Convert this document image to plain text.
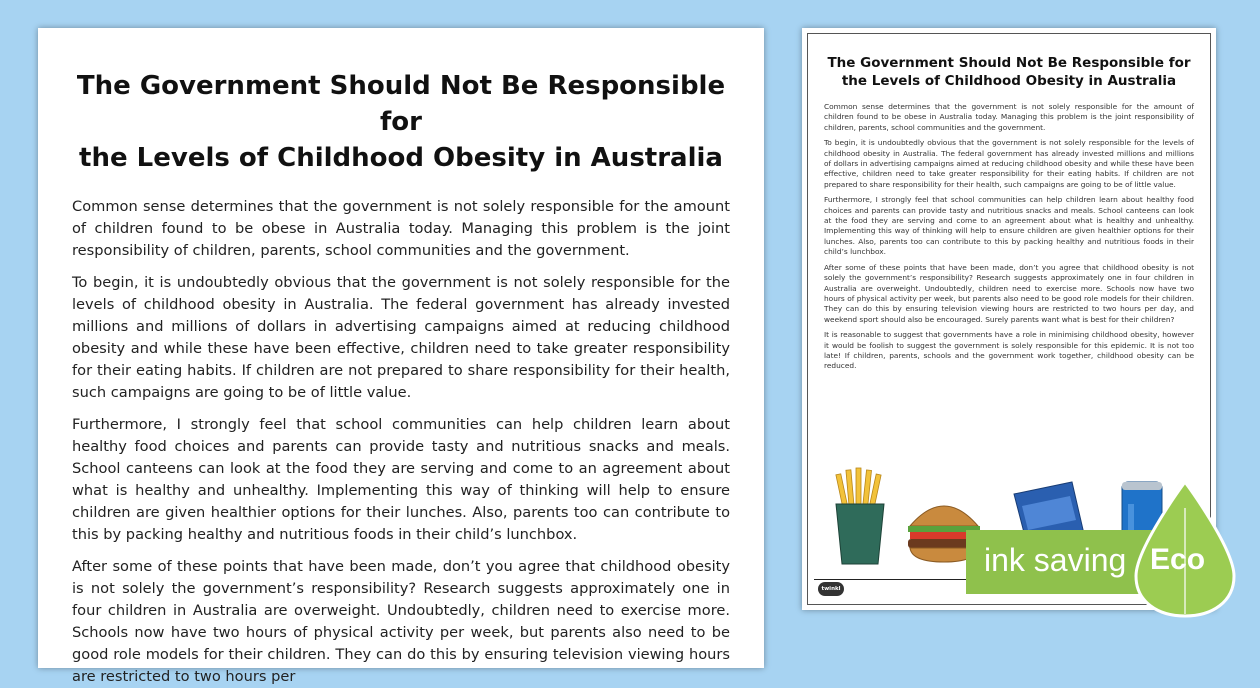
The Government Should Not Be Responsible for
the Levels of Childhood Obesity in Australia

Common sense determines that the government is not solely responsible for the amount of children found to be obese in Australia today. Managing this problem is the joint responsibility of children, parents, school communities and the government.

To begin, it is undoubtedly obvious that the government is not solely responsible for the levels of childhood obesity in Australia. The federal government has already invested millions and millions of dollars in advertising campaigns aimed at reducing childhood obesity and while these have been effective, children need to take greater responsibility for their eating habits. If children are not prepared to share responsibility for their health, such campaigns are going to be of little value.

Furthermore, I strongly feel that school communities can help children learn about healthy food choices and parents can provide tasty and nutritious snacks and meals. School canteens can look at the food they are serving and come to an agreement about what is healthy and unhealthy. Implementing this way of thinking will help to ensure children are given healthier options for their lunches. Also, parents too can contribute to this by packing healthy and nutritious foods in their child’s lunchbox.

After some of these points that have been made, don’t you agree that childhood obesity is not solely the government’s responsibility? Research suggests approximately one in four children in Australia are overweight. Undoubtedly, children need to exercise more. Schools now have two hours of physical activity per week, but parents also need to be good role models for their children. They can do this by ensuring television viewing hours are restricted to two hours per

The Government Should Not Be Responsible for
the Levels of Childhood Obesity in Australia

Common sense determines that the government is not solely responsible for the amount of children found to be obese in Australia today. Managing this problem is the joint responsibility of children, parents, school communities and the government.

To begin, it is undoubtedly obvious that the government is not solely responsible for the levels of childhood obesity in Australia. The federal government has already invested millions and millions of dollars in advertising campaigns aimed at reducing childhood obesity and while these have been effective, children need to take greater responsibility for their eating habits. If children are not prepared to share responsibility for their health, such campaigns are going to be of little value.

Furthermore, I strongly feel that school communities can help children learn about healthy food choices and parents can provide tasty and nutritious snacks and meals. School canteens can look at the food they are serving and come to an agreement about what is healthy and unhealthy. Implementing this way of thinking will help to ensure children are given healthier options for their lunches. Also, parents too can contribute to this by packing healthy and nutritious foods in their child’s lunchbox.

After some of these points that have been made, don’t you agree that childhood obesity is not solely the government’s responsibility? Research suggests approximately one in four children in Australia are overweight. Undoubtedly, children need to exercise more. Schools now have two hours of physical activity per week, but parents also need to be good role models for their children. They can do this by ensuring television viewing hours are restricted to two hours per day, and weekend sport should also be encouraged. Surely parents want what is best for their children?

It is reasonable to suggest that governments have a role in minimising childhood obesity, however it would be foolish to suggest the government is solely responsible for this epidemic. It is not too late! If children, parents, schools and the government work together, childhood obesity can be reduced.

twinkl
ink saving Eco
